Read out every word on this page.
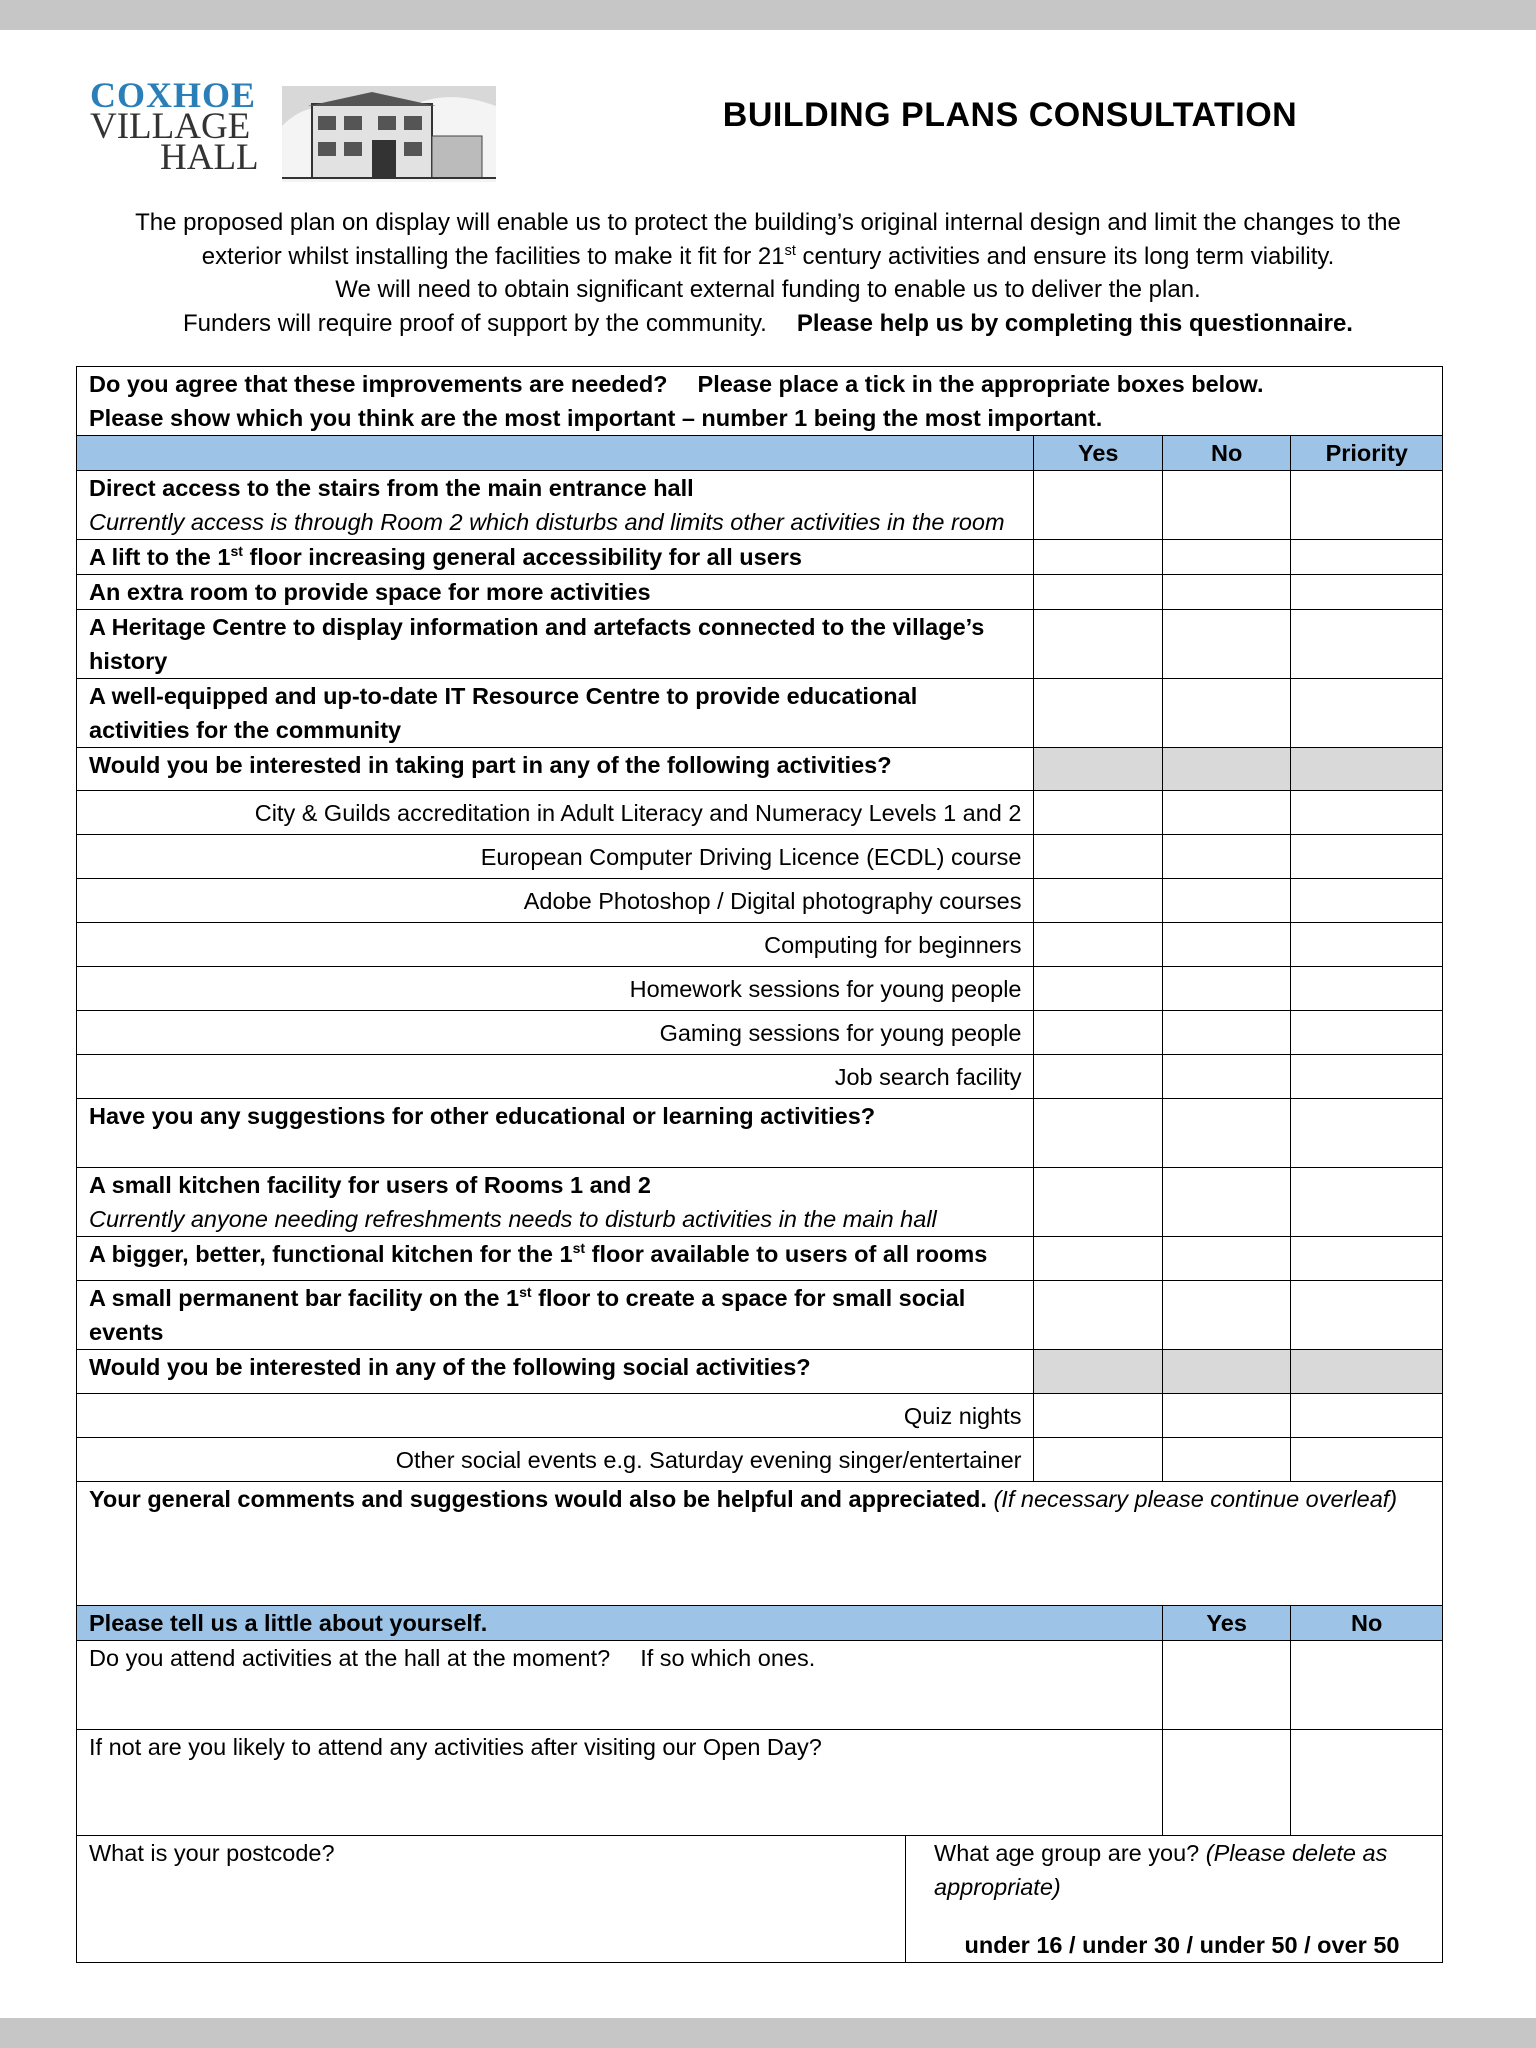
COXHOE
VILLAGE
HALL
BUILDING PLANS CONSULTATION

The proposed plan on display will enable us to protect the building’s original internal design and limit the changes to the

exterior whilst installing the facilities to make it fit for 21st century activities and ensure its long term viability.

We will need to obtain significant external funding to enable us to deliver the plan.

Funders will require proof of support by the community. Please help us by completing this questionnaire.

Do you agree that these improvements are needed? Please place a tick in the appropriate boxes below.
Please show which you think are the most important – number 1 being the most important.				
		Yes	No	Priority
Direct access to the stairs from the main entrance hall
Currently access is through Room 2 which disturbs and limits other activities in the room				
A lift to the 1st floor increasing general accessibility for all users				
An extra room to provide space for more activities				
A Heritage Centre to display information and artefacts connected to the village’s history				
A well-equipped and up-to-date IT Resource Centre to provide educational activities for the community				
Would you be interested in taking part in any of the following activities?				
City & Guilds accreditation in Adult Literacy and Numeracy Levels 1 and 2				
European Computer Driving Licence (ECDL) course				
Adobe Photoshop / Digital photography courses				
Computing for beginners				
Homework sessions for young people				
Gaming sessions for young people				
Job search facility				
Have you any suggestions for other educational or learning activities?				
A small kitchen facility for users of Rooms 1 and 2
Currently anyone needing refreshments needs to disturb activities in the main hall				
A bigger, better, functional kitchen for the 1st floor available to users of all rooms				
A small permanent bar facility on the 1st floor to create a space for small social events				
Would you be interested in any of the following social activities?				
Quiz nights				
Other social events e.g. Saturday evening singer/entertainer				
Your general comments and suggestions would also be helpful and appreciated. (If necessary please continue overleaf)				
Please tell us a little about yourself.			Yes	No
Do you attend activities at the hall at the moment? If so which ones.				
If not are you likely to attend any activities after visiting our Open Day?				
What is your postcode?	What age group are you? (Please delete as appropriate)
under 16 / under 30 / under 50 / over 50			
